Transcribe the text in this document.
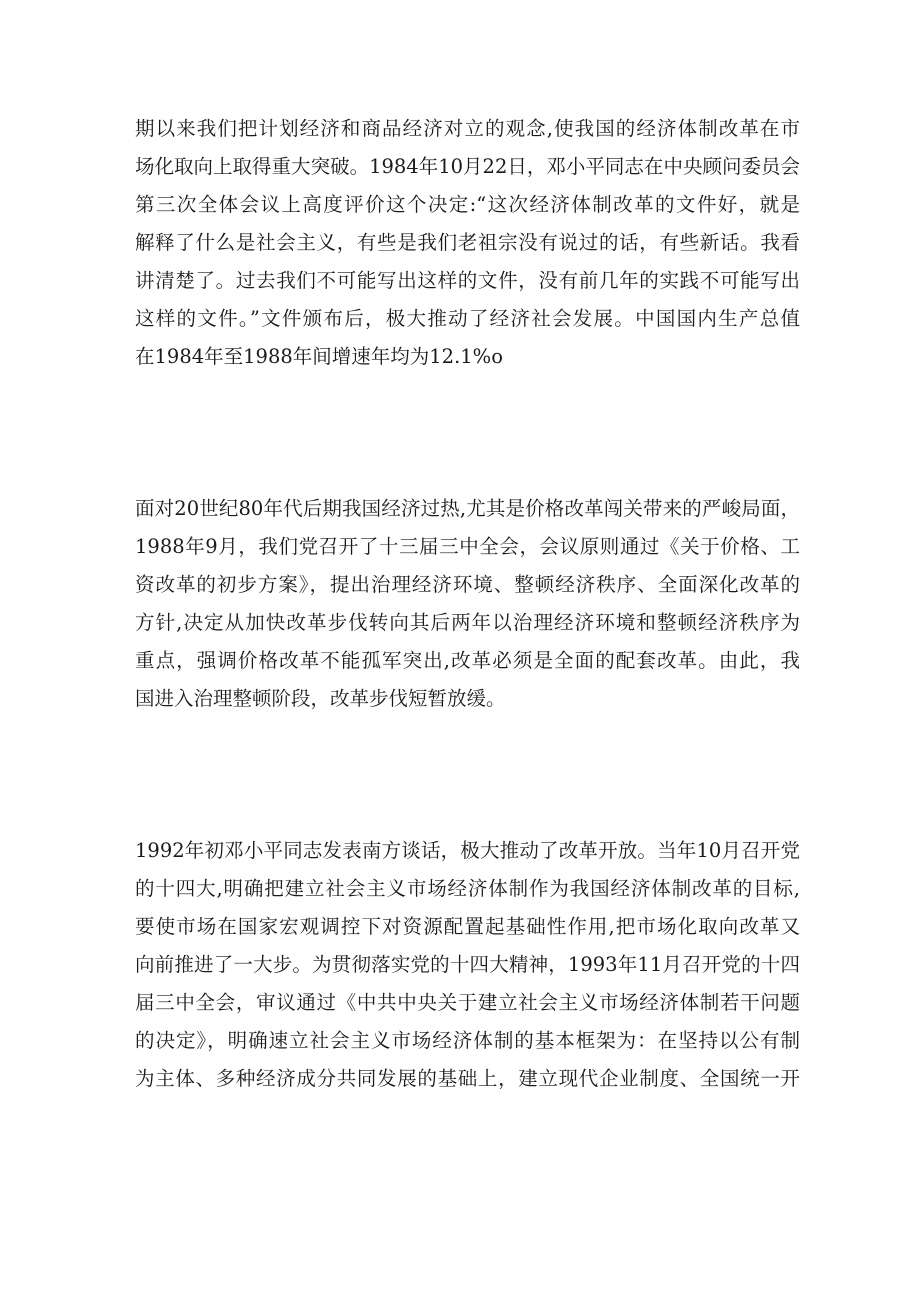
期以来我们把计划经济和商品经济对立的观念,使我国的经济体制改革在市
场化取向上取得重大突破。1984年10月22日，邓小平同志在中央顾问委员会
第三次全体会议上高度评价这个决定:“这次经济体制改革的文件好，就是
解释了什么是社会主义，有些是我们老祖宗没有说过的话，有些新话。我看
讲清楚了。过去我们不可能写出这样的文件，没有前几年的实践不可能写出
这样的文件。”文件颁布后，极大推动了经济社会发展。中国国内生产总值
在1984年至1988年间增速年均为12.1%o
面对20世纪80年代后期我国经济过热,尤其是价格改革闯关带来的严峻局面，
1988年9月，我们党召开了十三届三中全会，会议原则通过《关于价格、工
资改革的初步方案》，提出治理经济环境、整顿经济秩序、全面深化改革的
方针,决定从加快改革步伐转向其后两年以治理经济环境和整顿经济秩序为
重点，强调价格改革不能孤军突出,改革必须是全面的配套改革。由此，我
国进入治理整顿阶段，改革步伐短暂放缓。
1992年初邓小平同志发表南方谈话，极大推动了改革开放。当年10月召开党
的十四大,明确把建立社会主义市场经济体制作为我国经济体制改革的目标,
要使市场在国家宏观调控下对资源配置起基础性作用,把市场化取向改革又
向前推进了一大步。为贯彻落实党的十四大精神，1993年11月召开党的十四
届三中全会，审议通过《中共中央关于建立社会主义市场经济体制若干问题
的决定》，明确速立社会主义市场经济体制的基本框架为：在坚持以公有制
为主体、多种经济成分共同发展的基础上，建立现代企业制度、全国统一开
